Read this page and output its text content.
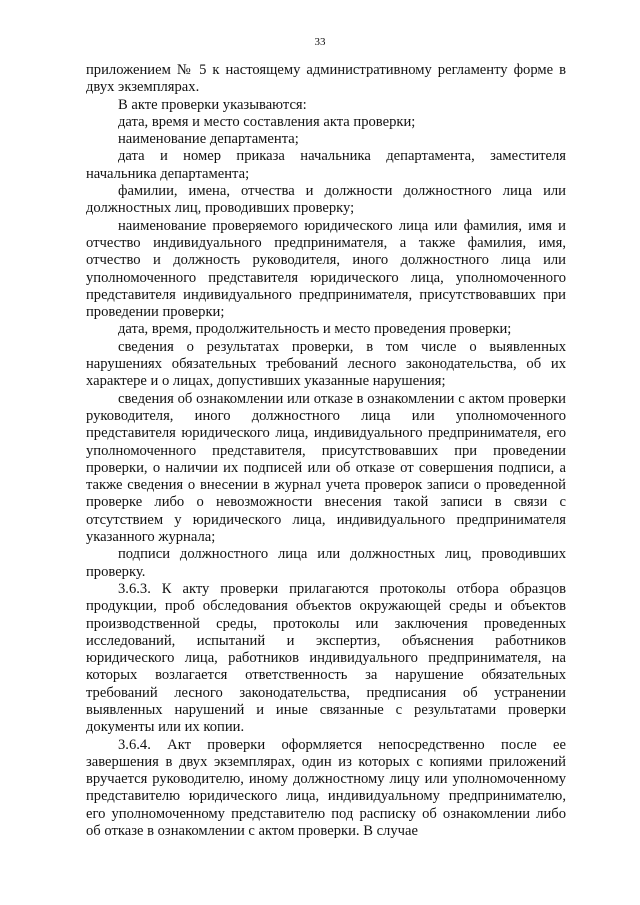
33

приложением № 5 к настоящему административному регламенту форме в двух экземплярах.

В акте проверки указываются:

дата, время и место составления акта проверки;

наименование департамента;

дата и номер приказа начальника департамента, заместителя начальника департамента;

фамилии, имена, отчества и должности должностного лица или должностных лиц, проводивших проверку;

наименование проверяемого юридического лица или фамилия, имя и отчество индивидуального предпринимателя, а также фамилия, имя, отчество и должность руководителя, иного должностного лица или уполномоченного представителя юридического лица, уполномоченного представителя индивидуального предпринимателя, присутствовавших при проведении проверки;

дата, время, продолжительность и место проведения проверки;

сведения о результатах проверки, в том числе о выявленных нарушениях обязательных требований лесного законодательства, об их характере и о лицах, допустивших указанные нарушения;

сведения об ознакомлении или отказе в ознакомлении с актом проверки руководителя, иного должностного лица или уполномоченного представителя юридического лица, индивидуального предпринимателя, его уполномоченного представителя, присутствовавших при проведении проверки, о наличии их подписей или об отказе от совершения подписи, а также сведения о внесении в журнал учета проверок записи о проведенной проверке либо о невозможности внесения такой записи в связи с отсутствием у юридического лица, индивидуального предпринимателя указанного журнала;

подписи должностного лица или должностных лиц, проводивших проверку.

3.6.3. К акту проверки прилагаются протоколы отбора образцов продукции, проб обследования объектов окружающей среды и объектов производственной среды, протоколы или заключения проведенных исследований, испытаний и экспертиз, объяснения работников юридического лица, работников индивидуального предпринимателя, на которых возлагается ответственность за нарушение обязательных требований лесного законодательства, предписания об устранении выявленных нарушений и иные связанные с результатами проверки документы или их копии.

3.6.4. Акт проверки оформляется непосредственно после ее завершения в двух экземплярах, один из которых с копиями приложений вручается руководителю, иному должностному лицу или уполномоченному представителю юридического лица, индивидуальному предпринимателю, его уполномоченному представителю под расписку об ознакомлении либо об отказе в ознакомлении с актом проверки. В случае
